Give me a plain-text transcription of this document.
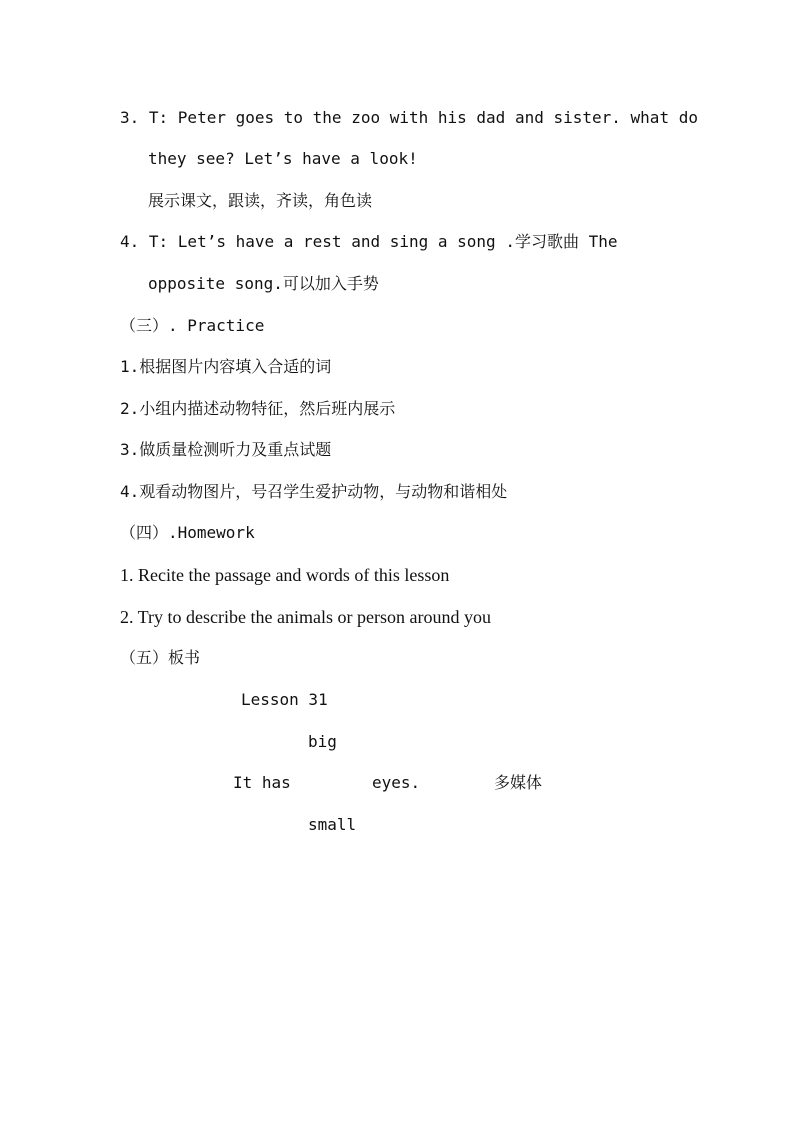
3. T: Peter goes to the zoo with his dad and sister. what do
they see? Let’s have a look!
展示课文，跟读，齐读，角色读
4. T: Let’s have a rest and sing a song .学习歌曲 The
opposite song.可以加入手势
（三）. Practice
1.根据图片内容填入合适的词
2.小组内描述动物特征，然后班内展示
3.做质量检测听力及重点试题
4.观看动物图片，号召学生爱护动物，与动物和谐相处
（四）.Homework
1. Recite the passage and words of this lesson
2. Try to describe the animals or person around you
（五）板书
Lesson 31
big
It has	eyes.	多媒体
small
